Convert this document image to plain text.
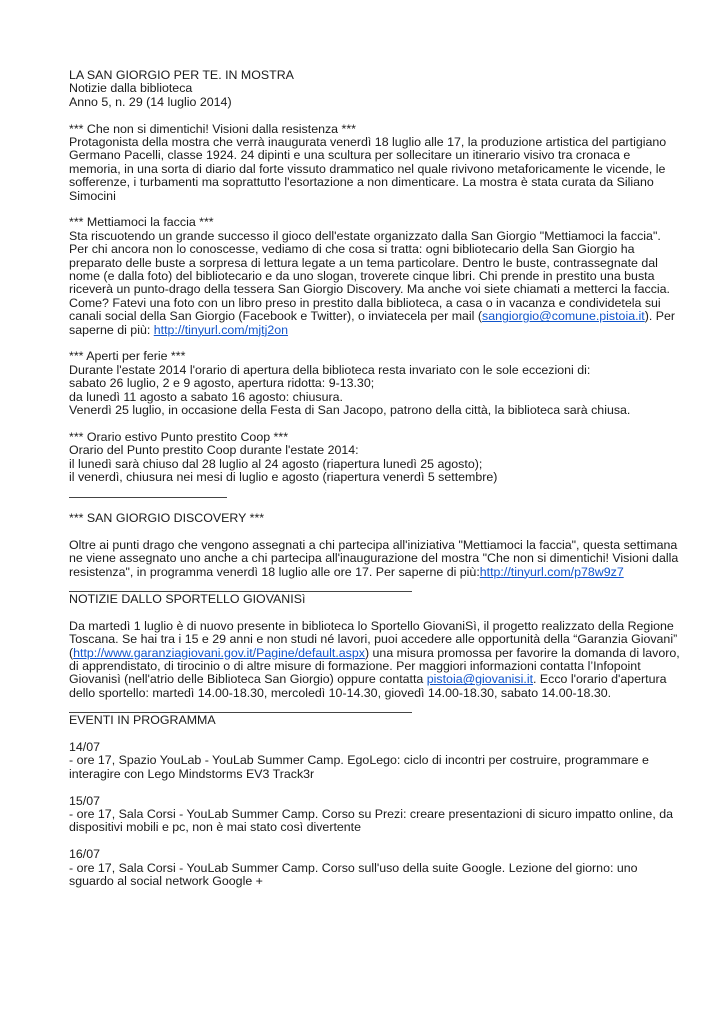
LA SAN GIORGIO PER TE. IN MOSTRA
Notizie dalla biblioteca
Anno 5, n. 29 (14 luglio 2014)
*** Che non si dimentichi! Visioni dalla resistenza ***
Protagonista della mostra che verrà inaugurata venerdì 18 luglio alle 17, la produzione artistica del partigiano
Germano Pacelli, classe 1924. 24 dipinti e una scultura per sollecitare un itinerario visivo tra cronaca e
memoria, in una sorta di diario dal forte vissuto drammatico nel quale rivivono metaforicamente le vicende, le
sofferenze, i turbamenti ma soprattutto l'esortazione a non dimenticare. La mostra è stata curata da Siliano
Simocini
*** Mettiamoci la faccia ***
Sta riscuotendo un grande successo il gioco dell'estate organizzato dalla San Giorgio "Mettiamoci la faccia".
Per chi ancora non lo conoscesse, vediamo di che cosa si tratta: ogni bibliotecario della San Giorgio ha
preparato delle buste a sorpresa di lettura legate a un tema particolare. Dentro le buste, contrassegnate dal
nome (e dalla foto) del bibliotecario e da uno slogan, troverete cinque libri. Chi prende in prestito una busta
riceverà un punto-drago della tessera San Giorgio Discovery. Ma anche voi siete chiamati a metterci la faccia.
Come? Fatevi una foto con un libro preso in prestito dalla biblioteca, a casa o in vacanza e condividetela sui
canali social della San Giorgio (Facebook e Twitter), o inviatecela per mail (sangiorgio@comune.pistoia.it). Per
saperne di più: http://tinyurl.com/mjtj2on
*** Aperti per ferie ***
Durante l'estate 2014 l'orario di apertura della biblioteca resta invariato con le sole eccezioni di:
sabato 26 luglio, 2 e 9 agosto, apertura ridotta: 9-13.30;
da lunedì 11 agosto a sabato 16 agosto: chiusura.
Venerdì 25 luglio, in occasione della Festa di San Jacopo, patrono della città, la biblioteca sarà chiusa.
*** Orario estivo Punto prestito Coop ***
Orario del Punto prestito Coop durante l'estate 2014:
il lunedì sarà chiuso dal 28 luglio al 24 agosto (riapertura lunedì 25 agosto);
il venerdì, chiusura nei mesi di luglio e agosto (riapertura venerdì 5 settembre)
*** SAN GIORGIO DISCOVERY ***
Oltre ai punti drago che vengono assegnati a chi partecipa all'iniziativa "Mettiamoci la faccia", questa settimana
ne viene assegnato uno anche a chi partecipa all'inaugurazione del mostra "Che non si dimentichi! Visioni dalla
resistenza", in programma venerdì 18 luglio alle ore 17. Per saperne di più:http://tinyurl.com/p78w9z7
NOTIZIE DALLO SPORTELLO GIOVANISì
Da martedì 1 luglio è di nuovo presente in biblioteca lo Sportello GiovaniSì, il progetto realizzato della Regione
Toscana. Se hai tra i 15 e 29 anni e non studi né lavori, puoi accedere alle opportunità della “Garanzia Giovani”
(http://www.garanziagiovani.gov.it/Pagine/default.aspx) una misura promossa per favorire la domanda di lavoro,
di apprendistato, di tirocinio o di altre misure di formazione. Per maggiori informazioni contatta l’Infopoint
Giovanisì (nell'atrio delle Biblioteca San Giorgio) oppure contatta pistoia@giovanisi.it. Ecco l'orario d'apertura
dello sportello: martedì 14.00-18.30, mercoledì 10-14.30, giovedì 14.00-18.30, sabato 14.00-18.30.
EVENTI IN PROGRAMMA
14/07
- ore 17, Spazio YouLab - YouLab Summer Camp. EgoLego: ciclo di incontri per costruire, programmare e
interagire con Lego Mindstorms EV3 Track3r
15/07
- ore 17, Sala Corsi - YouLab Summer Camp. Corso su Prezi: creare presentazioni di sicuro impatto online, da
dispositivi mobili e pc, non è mai stato così divertente
16/07
- ore 17, Sala Corsi - YouLab Summer Camp. Corso sull'uso della suite Google. Lezione del giorno: uno
sguardo al social network Google +
